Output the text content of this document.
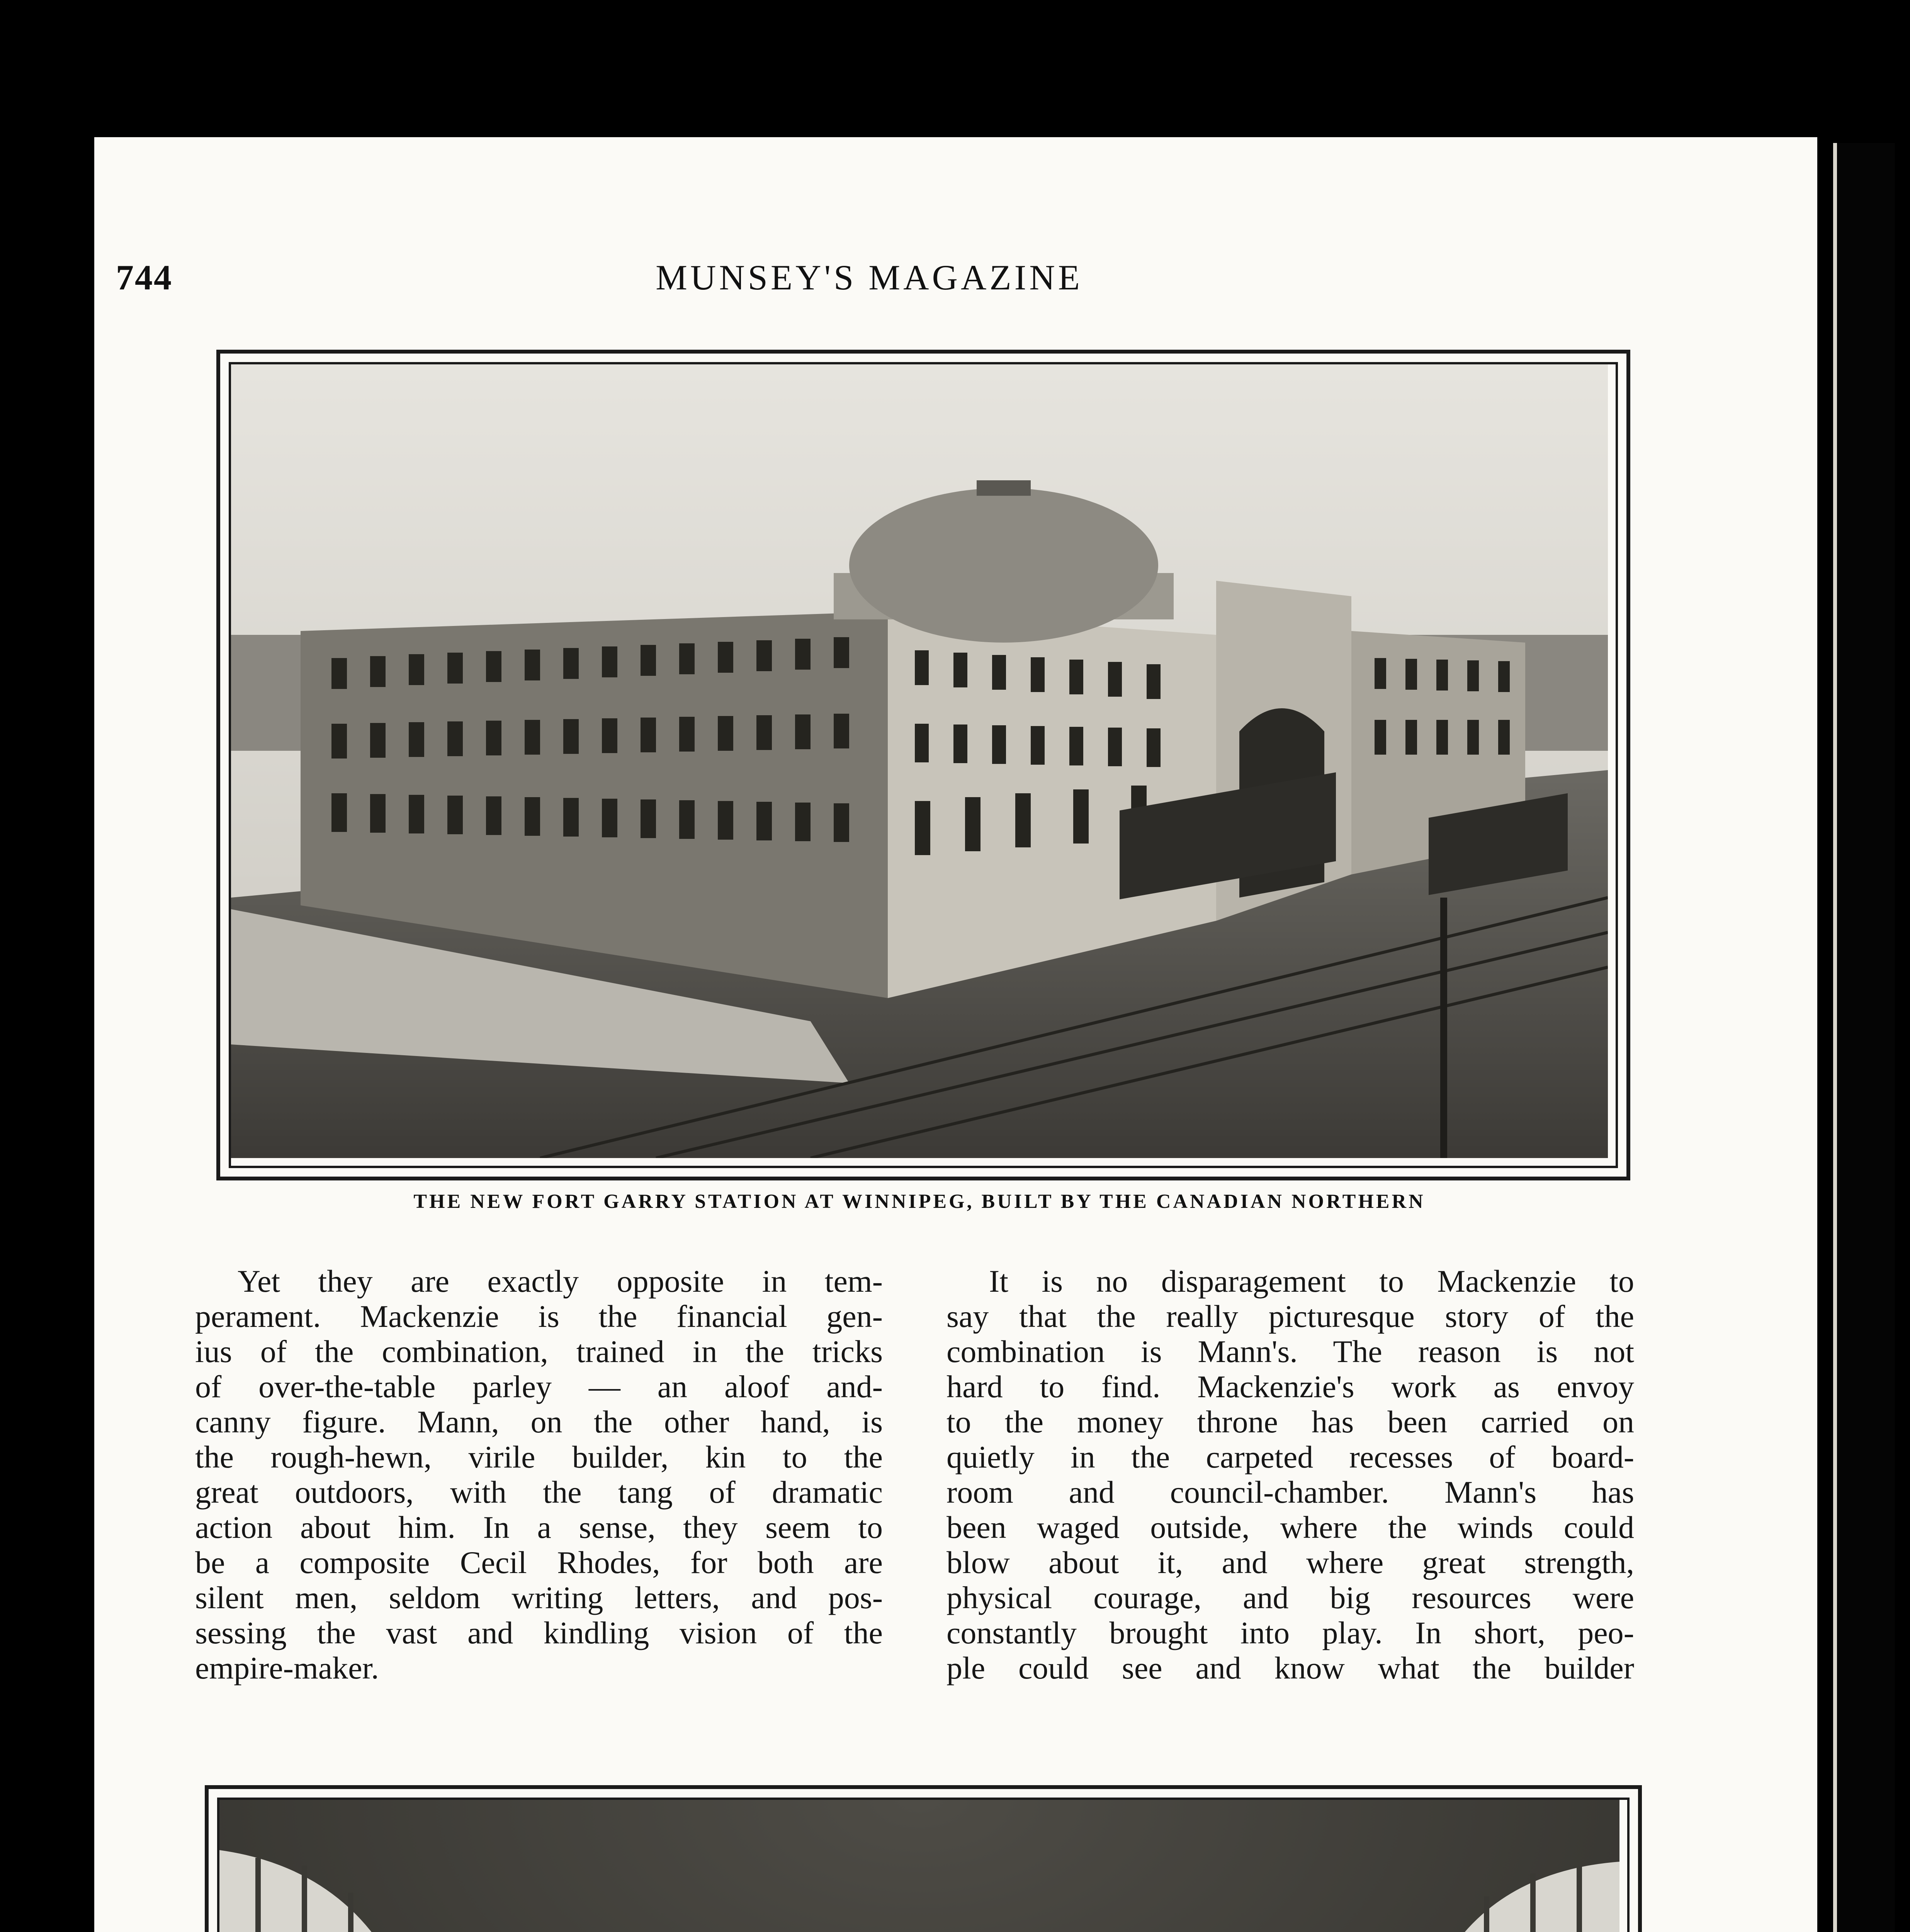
744	MUNSEY'S MAGAZINE
THE NEW FORT GARRY STATION AT WINNIPEG, BUILT BY THE CANADIAN NORTHERN
Yet they are exactly opposite in tem-
perament. Mackenzie is the financial gen-
ius of the combination, trained in the tricks
of over-the-table parley — an aloof and-
canny figure. Mann, on the other hand, is
the rough-hewn, virile builder, kin to the
great outdoors, with the tang of dramatic
action about him. In a sense, they seem to
be a composite Cecil Rhodes, for both are
silent men, seldom writing letters, and pos-
sessing the vast and kindling vision of the
empire-maker.
It is no disparagement to Mackenzie to
say that the really picturesque story of the
combination is Mann's. The reason is not
hard to find. Mackenzie's work as envoy
to the money throne has been carried on
quietly in the carpeted recesses of board-
room and council-chamber. Mann's has
been waged outside, where the winds could
blow about it, and where great strength,
physical courage, and big resources were
constantly brought into play. In short, peo-
ple could see and know what the builder
